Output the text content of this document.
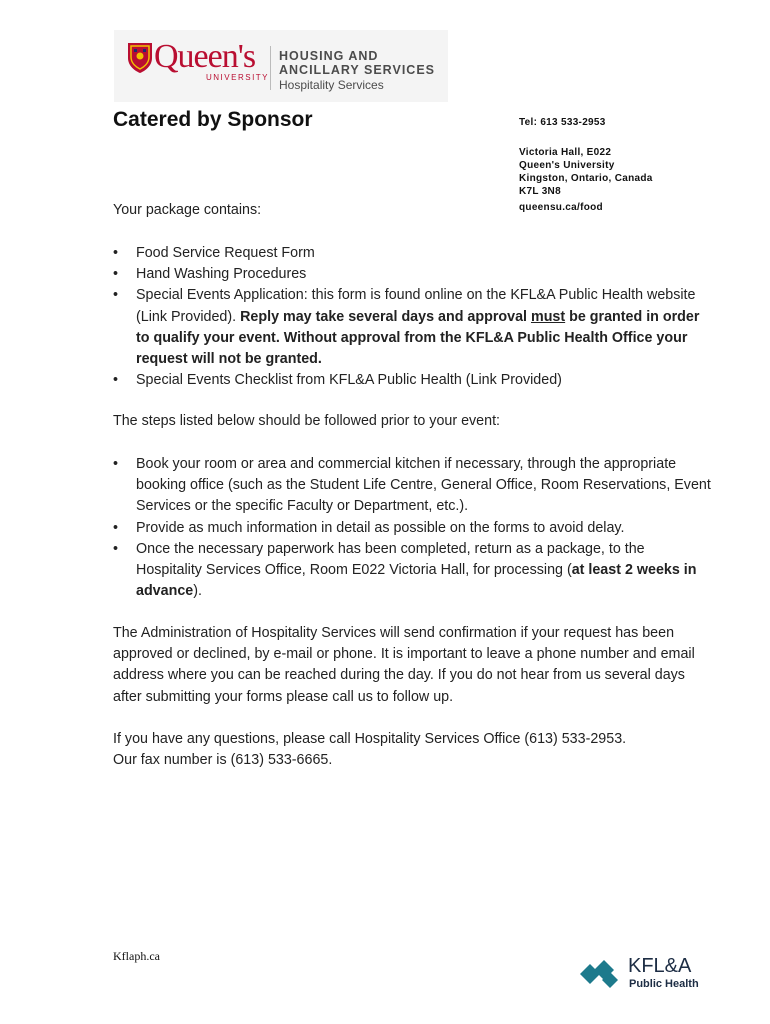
Queen's
UNIVERSITY
HOUSING AND
ANCILLARY SERVICES
Hospitality Services
Catered by Sponsor	Tel: 613 533-2953
Victoria Hall, E022
Queen's University
Kingston, Ontario, Canada
K7L 3N8
queensu.ca/food
Your package contains:
• Food Service Request Form
• Hand Washing Procedures
• Special Events Application: this form is found online on the KFL&A Public Health website (Link Provided). Reply may take several days and approval must be granted in order to qualify your event. Without approval from the KFL&A Public Health Office your request will not be granted.
• Special Events Checklist from KFL&A Public Health (Link Provided)
The steps listed below should be followed prior to your event:
• Book your room or area and commercial kitchen if necessary, through the appropriate booking office (such as the Student Life Centre, General Office, Room Reservations, Event Services or the specific Faculty or Department, etc.).
• Provide as much information in detail as possible on the forms to avoid delay.
• Once the necessary paperwork has been completed, return as a package, to the Hospitality Services Office, Room E022 Victoria Hall, for processing (at least 2 weeks in advance).

The Administration of Hospitality Services will send confirmation if your request has been approved or declined, by e-mail or phone. It is important to leave a phone number and email address where you can be reached during the day. If you do not hear from us several days after submitting your forms please call us to follow up.

If you have any questions, please call Hospitality Services Office (613) 533-2953.

Our fax number is (613) 533-6665.

Kflaph.ca	KFL&A
Public Health
